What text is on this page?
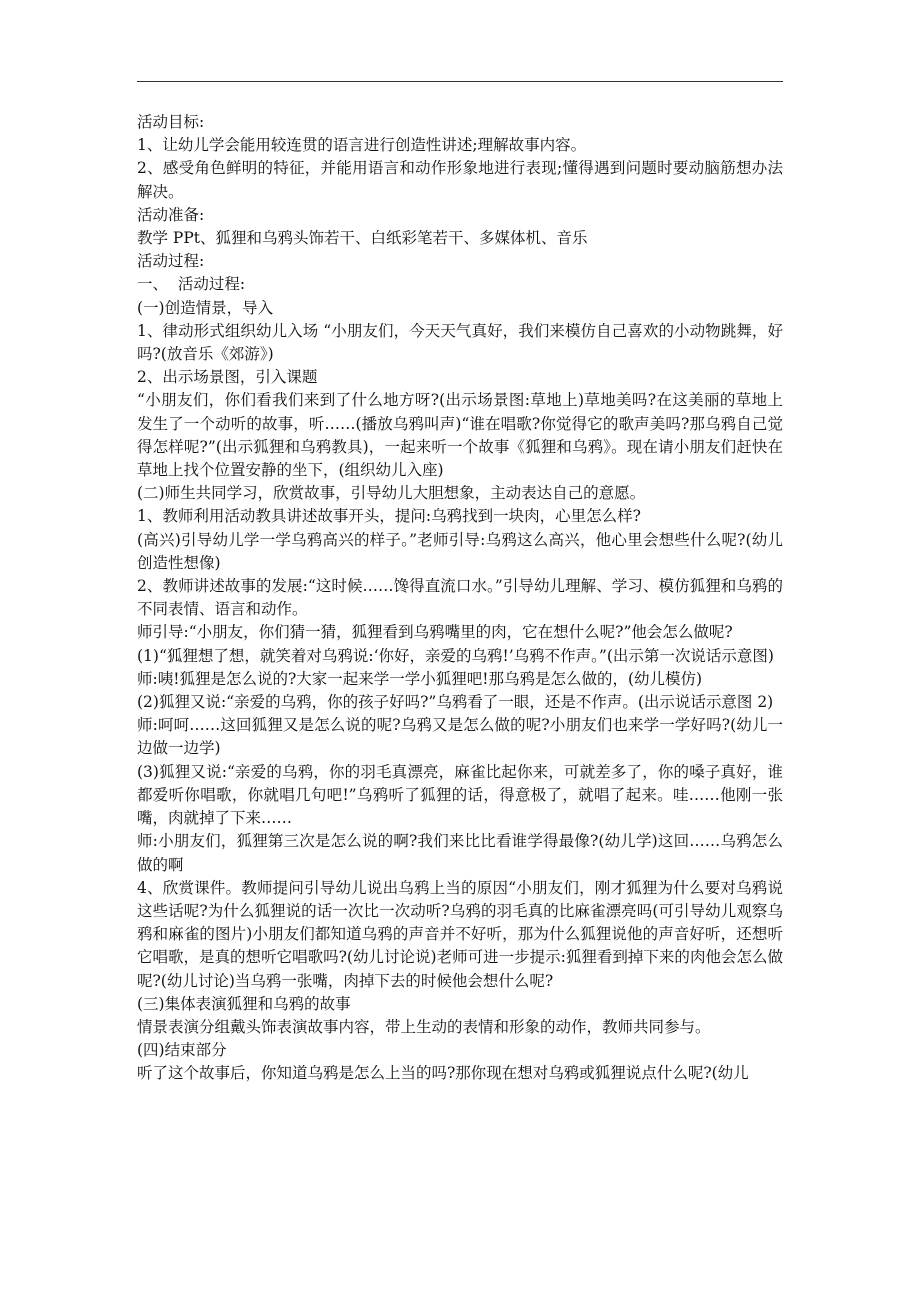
活动目标:

1、让幼儿学会能用较连贯的语言进行创造性讲述;理解故事内容。

2、感受角色鲜明的特征，并能用语言和动作形象地进行表现;懂得遇到问题时要动脑筋想办法解决。

活动准备:

教学 PPt、狐狸和乌鸦头饰若干、白纸彩笔若干、多媒体机、音乐

活动过程:

一、  活动过程:

(一)创造情景，导入

1、律动形式组织幼儿入场 “小朋友们，今天天气真好，我们来模仿自己喜欢的小动物跳舞，好吗?(放音乐《郊游》)

2、出示场景图，引入课题

“小朋友们，你们看我们来到了什么地方呀?(出示场景图:草地上)草地美吗?在这美丽的草地上发生了一个动听的故事，听……(播放乌鸦叫声)“谁在唱歌?你觉得它的歌声美吗?那乌鸦自己觉得怎样呢?”(出示狐狸和乌鸦教具)，一起来听一个故事《狐狸和乌鸦》。现在请小朋友们赶快在草地上找个位置安静的坐下，(组织幼儿入座)

(二)师生共同学习，欣赏故事，引导幼儿大胆想象，主动表达自己的意愿。

1、教师利用活动教具讲述故事开头，提问:乌鸦找到一块肉，心里怎么样?

(高兴)引导幼儿学一学乌鸦高兴的样子。”老师引导:乌鸦这么高兴，他心里会想些什么呢?(幼儿创造性想像)

2、教师讲述故事的发展:“这时候……馋得直流口水。”引导幼儿理解、学习、模仿狐狸和乌鸦的不同表情、语言和动作。

师引导:“小朋友，你们猜一猜，狐狸看到乌鸦嘴里的肉，它在想什么呢?”他会怎么做呢?

(1)“狐狸想了想，就笑着对乌鸦说:‘你好，亲爱的乌鸦!’乌鸦不作声。”(出示第一次说话示意图)

师:咦!狐狸是怎么说的?大家一起来学一学小狐狸吧!那乌鸦是怎么做的，(幼儿模仿)

(2)狐狸又说:“亲爱的乌鸦，你的孩子好吗?”乌鸦看了一眼，还是不作声。(出示说话示意图 2)

师:呵呵……这回狐狸又是怎么说的呢?乌鸦又是怎么做的呢?小朋友们也来学一学好吗?(幼儿一边做一边学)

(3)狐狸又说:“亲爱的乌鸦，你的羽毛真漂亮，麻雀比起你来，可就差多了，你的嗓子真好，谁都爱听你唱歌，你就唱几句吧!”乌鸦听了狐狸的话，得意极了，就唱了起来。哇……他刚一张嘴，肉就掉了下来……

师:小朋友们，狐狸第三次是怎么说的啊?我们来比比看谁学得最像?(幼儿学)这回……乌鸦怎么做的啊

4、欣赏课件。教师提问引导幼儿说出乌鸦上当的原因“小朋友们，刚才狐狸为什么要对乌鸦说这些话呢?为什么狐狸说的话一次比一次动听?乌鸦的羽毛真的比麻雀漂亮吗(可引导幼儿观察乌鸦和麻雀的图片)小朋友们都知道乌鸦的声音并不好听，那为什么狐狸说他的声音好听，还想听它唱歌，是真的想听它唱歌吗?(幼儿讨论说)老师可进一步提示:狐狸看到掉下来的肉他会怎么做呢?(幼儿讨论)当乌鸦一张嘴，肉掉下去的时候他会想什么呢?

(三)集体表演狐狸和乌鸦的故事

情景表演分组戴头饰表演故事内容，带上生动的表情和形象的动作，教师共同参与。

(四)结束部分

听了这个故事后，你知道乌鸦是怎么上当的吗?那你现在想对乌鸦或狐狸说点什么呢?(幼儿
